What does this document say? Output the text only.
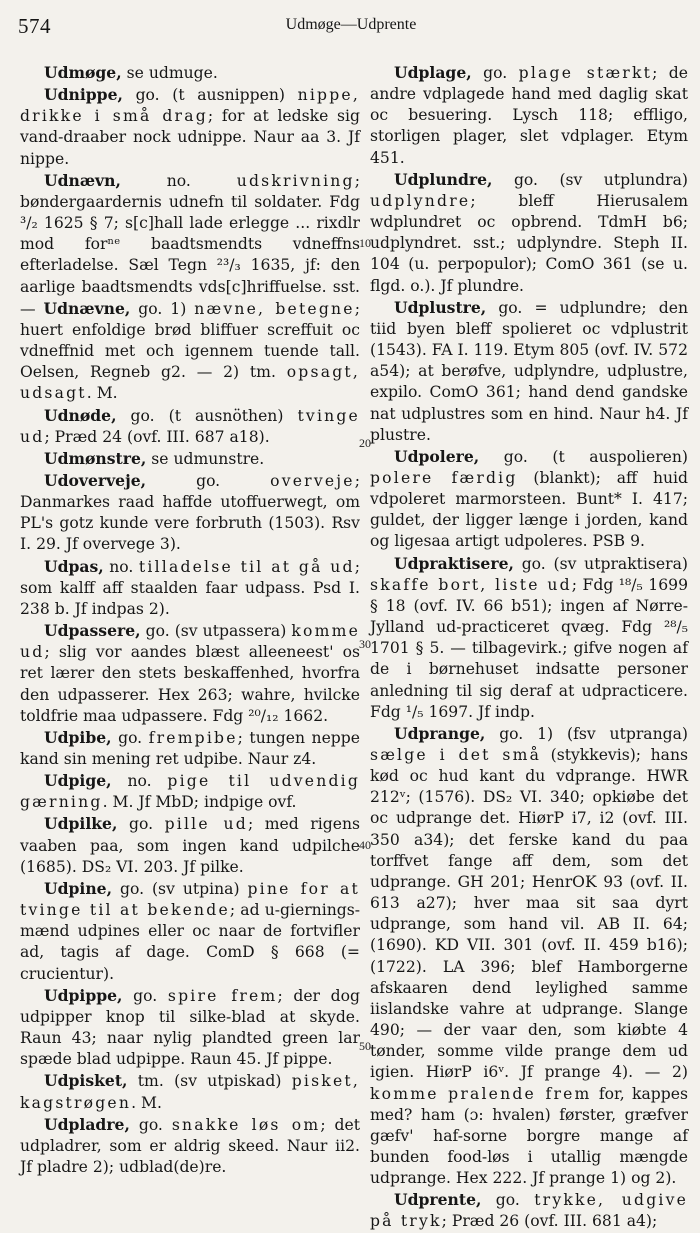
574	Udmøge—Udprente

Udmøge, se udmuge.

Udnippe, go. (t ausnippen) nippe, drikke i små drag; for at ledske sig vand-draaber nock udnippe. Naur aa 3. Jf nippe.

Udnævn, no. udskrivning; bøndergaardernis udnefn til soldater. Fdg ³/₂ 1625 § 7; s[c]hall lade erlegge ... rixdlr mod forⁿᵉ baadtsmendts vdneffns efterladelse. Sæl Tegn ²³/₃ 1635, jf: den aarlige baadtsmendts vds[c]hriffuelse. sst. — Udnævne, go. 1) nævne, betegne; huert enfoldige brød bliffuer screffuit oc vdneffnid met och igennem tuende tall. Oelsen, Regneb g2. — 2) tm. opsagt, udsagt. M.

Udnøde, go. (t ausnöthen) tvinge ud; Præd 24 (ovf. III. 687 a18).

Udmønstre, se udmunstre.

Udoverveje, go. overveje; Danmarkes raad haffde utoffuerwegt, om PL's gotz kunde vere forbruth (1503). Rsv I. 29. Jf overvege 3).

Udpas, no. tilladelse til at gå ud; som kalff aff staalden faar udpass. Psd I. 238 b. Jf indpas 2).

Udpassere, go. (sv utpassera) komme ud; slig vor aandes blæst alleeneest' os ret lærer den stets beskaffenhed, hvorfra den udpasserer. Hex 263; wahre, hvilcke toldfrie maa udpassere. Fdg ²⁰/₁₂ 1662.

Udpibe, go. frempibe; tungen neppe kand sin mening ret udpibe. Naur z4.

Udpige, no. pige til udvendig gærning. M. Jf MbD; indpige ovf.

Udpilke, go. pille ud; med rigens vaaben paa, som ingen kand udpilche (1685). DS₂ VI. 203. Jf pilke.

Udpine, go. (sv utpina) pine for at tvinge til at bekende; ad u-giernings-mænd udpines eller oc naar de fortvifler ad, tagis af dage. ComD § 668 (= crucientur).

Udpippe, go. spire frem; der dog udpipper knop til silke-blad at skyde. Raun 43; naar nylig plandted green lar spæde blad udpippe. Raun 45. Jf pippe.

Udpisket, tm. (sv utpiskad) pisket, kagstrøgen. M.

Udpladre, go. snakke løs om; det udpladrer, som er aldrig skeed. Naur ii2. Jf pladre 2); udblad(de)re.

Udplage, go. plage stærkt; de andre vdplagede hand med daglig skat oc besuering. Lysch 118; effligo, storligen plager, slet vdplager. Etym 451.

Udplundre, go. (sv utplundra) udplyndre; bleff Hierusalem wdplundret oc opbrend. TdmH b6; udplyndret. sst.; udplyndre. Steph II. 104 (u. perpopulor); ComO 361 (se u. flgd. o.). Jf plundre.

Udplustre, go. = udplundre; den tiid byen bleff spolieret oc vdplustrit (1543). FA I. 119. Etym 805 (ovf. IV. 572 a54); at berøfve, udplyndre, udplustre, expilo. ComO 361; hand dend gandske nat udplustres som en hind. Naur h4. Jf plustre.

Udpolere, go. (t auspolieren) polere færdig (blankt); aff huid vdpoleret marmorsteen. Bunt* I. 417; guldet, der ligger længe i jorden, kand og ligesaa artigt udpoleres. PSB 9.

Udpraktisere, go. (sv utpraktisera) skaffe bort, liste ud; Fdg ¹⁸/₅ 1699 § 18 (ovf. IV. 66 b51); ingen af Nørre-Jylland ud-practiceret qvæg. Fdg ²⁸/₅ 1701 § 5. — tilbagevirk.; gifve nogen af de i børnehuset indsatte personer anledning til sig deraf at udpracticere. Fdg ¹/₅ 1697. Jf indp.

Udprange, go. 1) (fsv utpranga) sælge i det små (stykkevis); hans kød oc hud kant du vdprange. HWR 212ᵛ; (1576). DS₂ VI. 340; opkiøbe det oc udprange det. HiørP i7, i2 (ovf. III. 350 a34); det ferske kand du paa torffvet fange aff dem, som det udprange. GH 201; HenrOK 93 (ovf. II. 613 a27); hver maa sit saa dyrt udprange, som hand vil. AB II. 64; (1690). KD VII. 301 (ovf. II. 459 b16); (1722). LA 396; blef Hamborgerne afskaaren dend leylighed samme iislandske vahre at udprange. Slange 490; — der vaar den, som kiøbte 4 tønder, somme vilde prange dem ud igien. HiørP i6ᵛ. Jf prange 4). — 2) komme pralende frem for, kappes med? ham (ɔ: hvalen) førster, græfver gæfv' haf-sorne borgre mange af bunden food-løs i utallig mængde udprange. Hex 222. Jf prange 1) og 2).

Udprente, go. trykke, udgive på tryk; Præd 26 (ovf. III. 681 a4);

10
20
30
40
50
